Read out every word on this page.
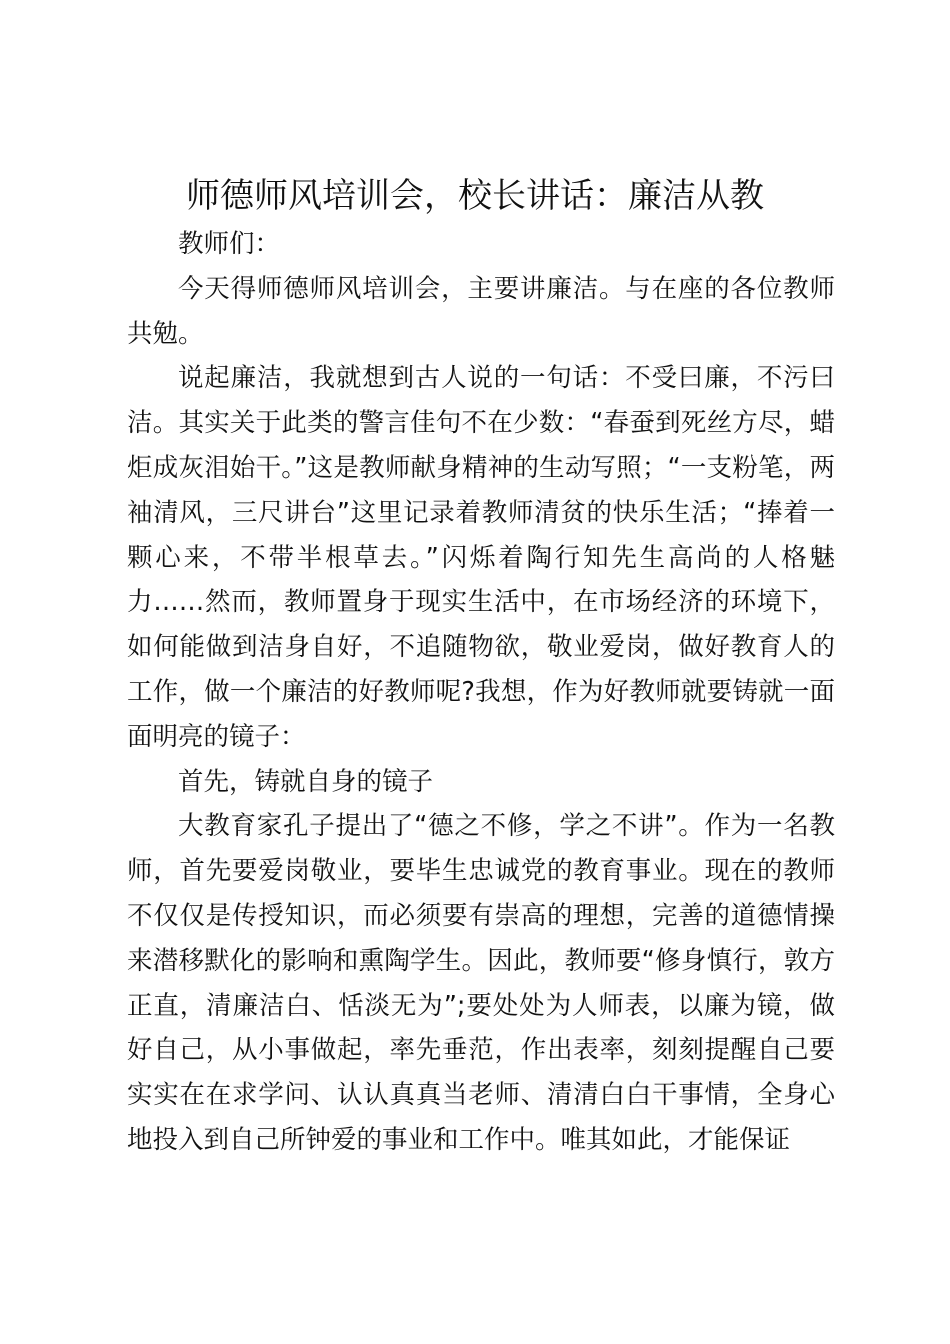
师德师风培训会，校长讲话：廉洁从教

教师们：

今天得师德师风培训会，主要讲廉洁。与在座的各位教师共勉。

说起廉洁，我就想到古人说的一句话：不受曰廉，不污曰洁。其实关于此类的警言佳句不在少数：“春蚕到死丝方尽，蜡炬成灰泪始干。”这是教师献身精神的生动写照；“一支粉笔，两袖清风，三尺讲台”这里记录着教师清贫的快乐生活；“捧着一颗心来，不带半根草去。”闪烁着陶行知先生高尚的人格魅力……然而，教师置身于现实生活中，在市场经济的环境下，如何能做到洁身自好，不追随物欲，敬业爱岗，做好教育人的工作，做一个廉洁的好教师呢?我想，作为好教师就要铸就一面面明亮的镜子：

首先，铸就自身的镜子

大教育家孔子提出了“德之不修，学之不讲”。作为一名教师，首先要爱岗敬业，要毕生忠诚党的教育事业。现在的教师不仅仅是传授知识，而必须要有崇高的理想，完善的道德情操来潜移默化的影响和熏陶学生。因此，教师要“修身慎行，敦方正直，清廉洁白、恬淡无为”;要处处为人师表，以廉为镜，做好自己，从小事做起，率先垂范，作出表率，刻刻提醒自己要实实在在求学问、认认真真当老师、清清白白干事情，全身心地投入到自己所钟爱的事业和工作中。唯其如此，才能保证
